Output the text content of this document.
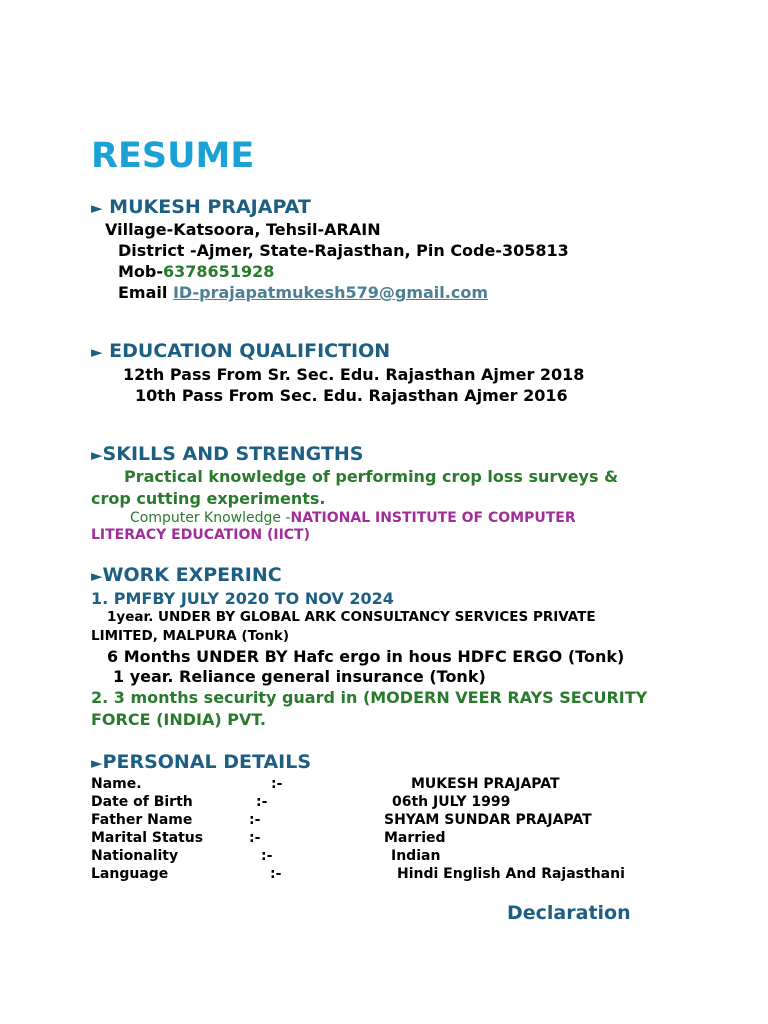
RESUME
► MUKESH PRAJAPAT
Village-Katsoora, Tehsil-ARAIN
District -Ajmer, State-Rajasthan, Pin Code-305813
Mob-6378651928
Email ID-prajapatmukesh579@gmail.com
► EDUCATION QUALIFICTION
12th Pass From Sr. Sec. Edu. Rajasthan Ajmer 2018
10th Pass From Sec. Edu. Rajasthan Ajmer 2016
►SKILLS AND STRENGTHS
Practical knowledge of performing crop loss surveys &
crop cutting experiments.
Computer Knowledge -NATIONAL INSTITUTE OF COMPUTER
LITERACY EDUCATION (IICT)
►WORK EXPERINC
1. PMFBY JULY 2020 TO NOV 2024
1year. UNDER BY GLOBAL ARK CONSULTANCY SERVICES PRIVATE
LIMITED, MALPURA (Tonk)
6 Months UNDER BY Hafc ergo in hous HDFC ERGO (Tonk)
1 year. Reliance general insurance (Tonk)
2. 3 months security guard in (MODERN VEER RAYS SECURITY
FORCE (INDIA) PVT.
►PERSONAL DETAILS
Name.	:-	MUKESH PRAJAPAT
Date of Birth	:-	06th JULY 1999
Father Name	:-	SHYAM SUNDAR PRAJAPAT
Marital Status	:-	Married
Nationality	:-	Indian
Language	:-	Hindi English And Rajasthani
Declaration
